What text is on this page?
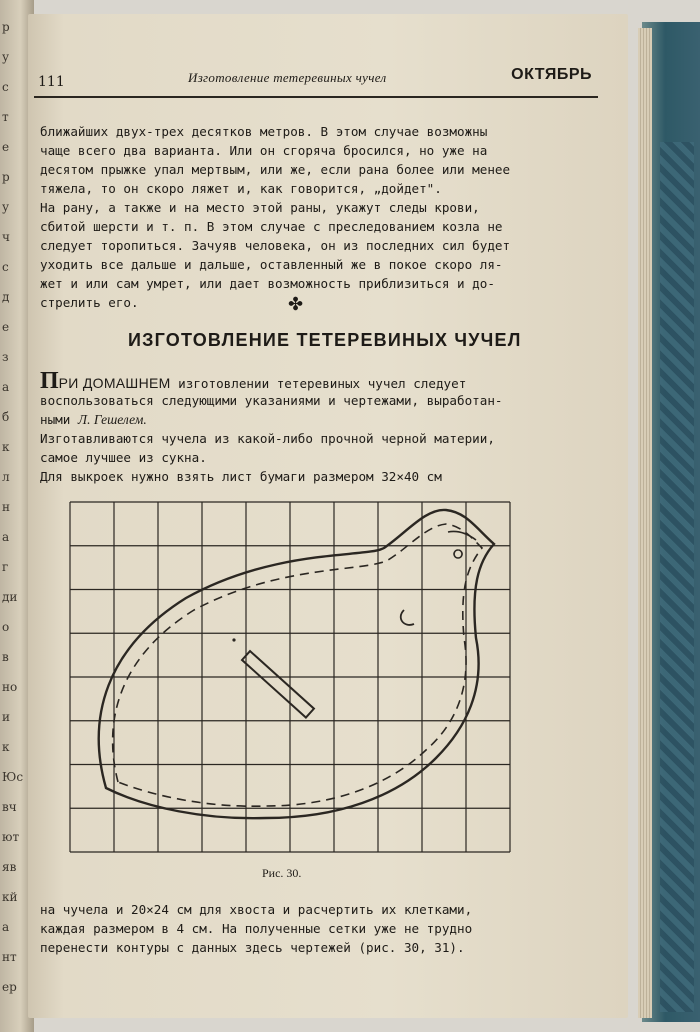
р
у
с
т
е
р
у
ч
с
д
е
з
а
б
к
л
н
а
г
ди
о
в
но
и
к
Юс
вч
ют
яв
кй
а
нт
ер
111	Изготовление тетеревиных чучел	ОКТЯБРЬ
ближайших двух-трех десятков метров. В этом случае возможны
чаще всего два варианта. Или он сгоряча бросился, но уже на
десятом прыжке упал мертвым, или же, если рана более или менее
тяжела, то он скоро ляжет и, как говорится, „дойдет".
На рану, а также и на место этой раны, укажут следы крови,
сбитой шерсти и т. п. В этом случае с преследованием козла не
следует торопиться. Зачуяв человека, он из последних сил будет
уходить все дальше и дальше, оставленный же в покое скоро ля-
жет и или сам умрет, или дает возможность приблизиться и до-
стрелить его.	✤
ИЗГОТОВЛЕНИЕ ТЕТЕРЕВИНЫХ ЧУЧЕЛ
ПРИ ДОМАШНЕМ изготовлении тетеревиных чучел следует
воспользоваться следующими указаниями и чертежами, выработан-
ными Л. Гешелем.
Изготавливаются чучела из какой-либо прочной черной материи,
самое лучшее из сукна.
Для выкроек нужно взять лист бумаги размером 32×40 см
Рис. 30.
на чучела и 20×24 см для хвоста и расчертить их клетками,
каждая размером в 4 см. На полученные сетки уже не трудно
перенести контуры с данных здесь чертежей (рис. 30, 31).
